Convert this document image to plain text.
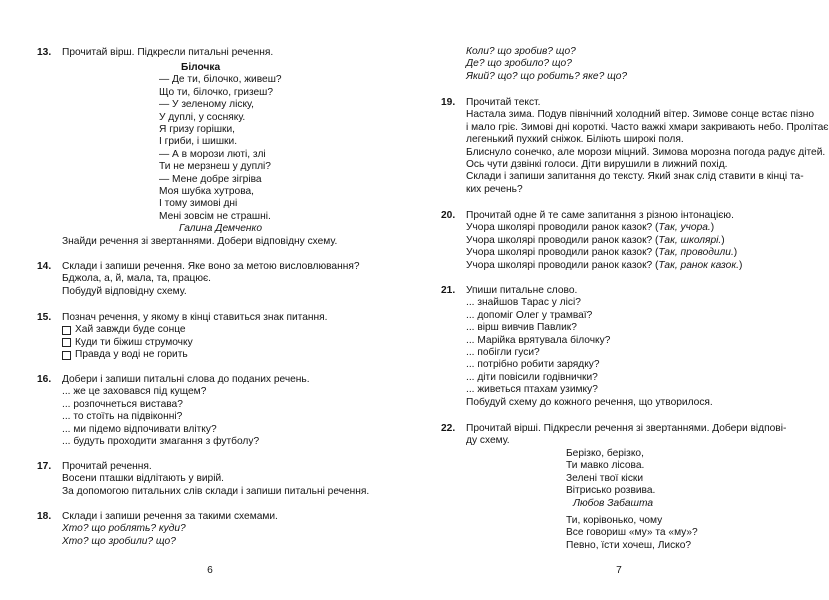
13. Прочитай вірш. Підкресли питальні речення.
Білочка
— Де ти, білочко, живеш?
Що ти, білочко, гризеш?
— У зеленому ліску,
У дуплі, у сосняку.
Я гризу горішки,
І гриби, і шишки.
— А в морози люті, злі
Ти не мерзнеш у дуплі?
— Мене добре зігріва
Моя шубка хутрова,
І тому зимові дні
Мені зовсім не страшні.
Галина Демченко
Знайди речення зі звертаннями. Добери відповідну схему.
14. Склади і запиши речення. Яке воно за метою висловлювання?
Бджола, а, й, мала, та, працює.
Побудуй відповідну схему.
15. Познач речення, у якому в кінці ставиться знак питання.
Хай завжди буде сонце
Куди ти біжиш струмочку
Правда у воді не горить
16. Добери і запиши питальні слова до поданих речень.
... же це заховався під кущем?
... розпочнеться вистава?
... то стоїть на підвіконні?
... ми підемо відпочивати влітку?
... будуть проходити змагання з футболу?
17. Прочитай речення.
Восени пташки відлітають у вирій.
За допомогою питальних слів склади і запиши питальні речення.
18. Склади і запиши речення за такими схемами.
Хто? що роблять? куди?
Хто? що зробили? що?
6
Коли? що зробив? що?
Де? що зробило? що?
Який? що? що робить? яке? що?
19. Прочитай текст.
Настала зима. Подув північний холодний вітер. Зимове сонце встає пізно
і мало гріє. Зимові дні короткі. Часто важкі хмари закривають небо. Пролітає
легенький пухкий сніжок. Біліють широкі поля.
Блиснуло сонечко, але морози міцний. Зимова морозна погода радує дітей.
Ось чути дзвінкі голоси. Діти вирушили в лижний похід.
Склади і запиши запитання до тексту. Який знак слід ставити в кінці та-
ких речень?
20. Прочитай одне й те саме запитання з різною інтонацією.
Учора школярі проводили ранок казок? (Так, учора.)
Учора школярі проводили ранок казок? (Так, школярі.)
Учора школярі проводили ранок казок? (Так, проводили.)
Учора школярі проводили ранок казок? (Так, ранок казок.)
21. Упиши питальне слово.
... знайшов Тарас у лісі?
... допоміг Олег у трамваї?
... вірш вивчив Павлик?
... Марійка врятувала білочку?
... побігли гуси?
... потрібно робити зарядку?
... діти повісили годівнички?
... живеться птахам узимку?
Побудуй схему до кожного речення, що утворилося.
22. Прочитай вірші. Підкресли речення зі звертаннями. Добери відпові-
ду схему.
Берізко, берізко,
Ти мавко лісова.
Зелені твої кіски
Вітрисько розвива.
Любов Забашта
Ти, корівонько, чому
Все говориш «му» та «му»?
Певно, їсти хочеш, Лиско?
7
